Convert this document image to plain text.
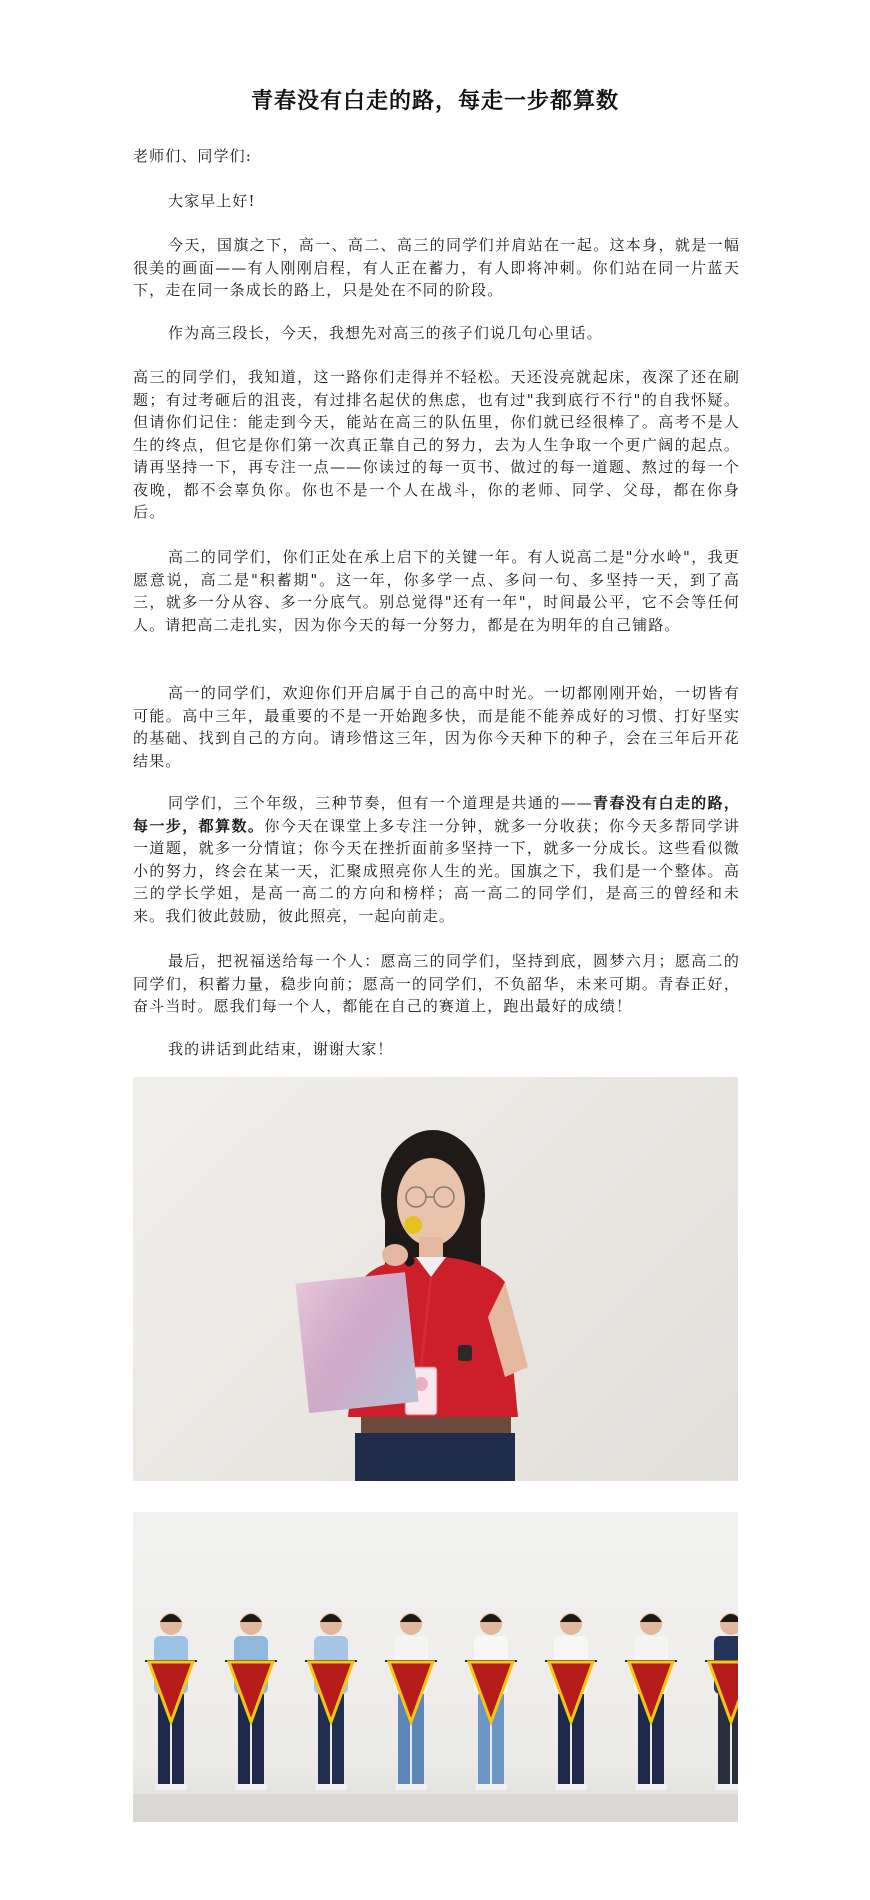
青春没有白走的路，每走一步都算数
老师们、同学们:
大家早上好!
今天，国旗之下，高一、高二、高三的同学们并肩站在一起。这本身，就是一幅很美的画面——有人刚刚启程，有人正在蓄力，有人即将冲刺。你们站在同一片蓝天下，走在同一条成长的路上，只是处在不同的阶段。
作为高三段长，今天，我想先对高三的孩子们说几句心里话。
高三的同学们，我知道，这一路你们走得并不轻松。天还没亮就起床，夜深了还在刷题；有过考砸后的沮丧，有过排名起伏的焦虑，也有过"我到底行不行"的自我怀疑。但请你们记住：能走到今天，能站在高三的队伍里，你们就已经很棒了。高考不是人生的终点，但它是你们第一次真正靠自己的努力，去为人生争取一个更广阔的起点。请再坚持一下，再专注一点——你读过的每一页书、做过的每一道题、熬过的每一个夜晚，都不会辜负你。你也不是一个人在战斗，你的老师、同学、父母，都在你身后。
高二的同学们，你们正处在承上启下的关键一年。有人说高二是"分水岭"，我更愿意说，高二是"积蓄期"。这一年，你多学一点、多问一句、多坚持一天，到了高三，就多一分从容、多一分底气。别总觉得"还有一年"，时间最公平，它不会等任何人。请把高二走扎实，因为你今天的每一分努力，都是在为明年的自己铺路。
高一的同学们，欢迎你们开启属于自己的高中时光。一切都刚刚开始，一切皆有可能。高中三年，最重要的不是一开始跑多快，而是能不能养成好的习惯、打好坚实的基础、找到自己的方向。请珍惜这三年，因为你今天种下的种子，会在三年后开花结果。
同学们，三个年级，三种节奏，但有一个道理是共通的——青春没有白走的路，每一步，都算数。你今天在课堂上多专注一分钟，就多一分收获；你今天多帮同学讲一道题，就多一分情谊；你今天在挫折面前多坚持一下，就多一分成长。这些看似微小的努力，终会在某一天，汇聚成照亮你人生的光。国旗之下，我们是一个整体。高三的学长学姐，是高一高二的方向和榜样；高一高二的同学们，是高三的曾经和未来。我们彼此鼓励，彼此照亮，一起向前走。
最后，把祝福送给每一个人：愿高三的同学们，坚持到底，圆梦六月；愿高二的同学们，积蓄力量，稳步向前；愿高一的同学们，不负韶华，未来可期。青春正好，奋斗当时。愿我们每一个人，都能在自己的赛道上，跑出最好的成绩！
我的讲话到此结束，谢谢大家！
